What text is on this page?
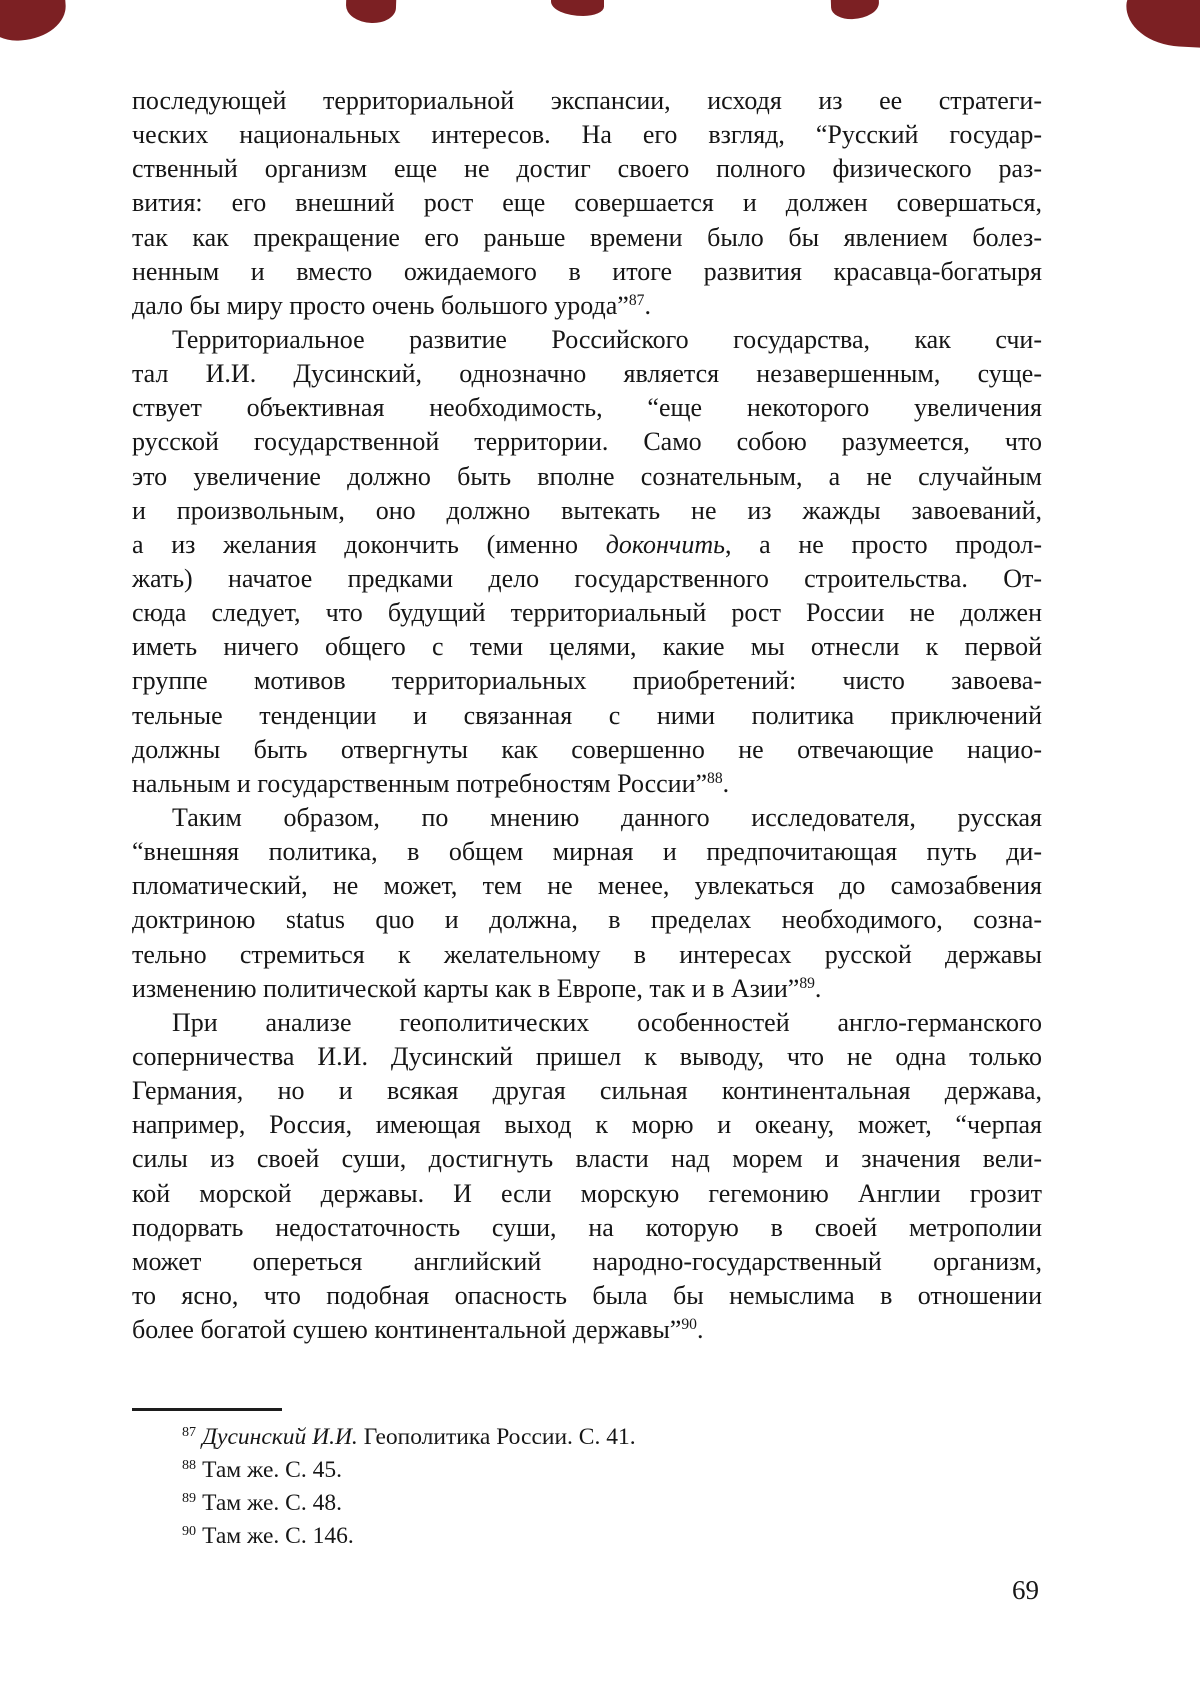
последующей территориальной экспансии, исходя из ее стратеги-
ческих национальных интересов. На его взгляд, “Русский государ-
ственный организм еще не достиг своего полного физического раз-
вития: его внешний рост еще совершается и должен совершаться,
так как прекращение его раньше времени было бы явлением болез-
ненным и вместо ожидаемого в итоге развития красавца-богатыря
дало бы миру просто очень большого урода”$^{87}$.
Территориальное развитие Российского государства, как счи-
тал И.И. Дусинский, однозначно является незавершенным, суще-
ствует объективная необходимость, “еще некоторого увеличения
русской государственной территории. Само собою разумеется, что
это увеличение должно быть вполне сознательным, а не случайным
и произвольным, оно должно вытекать не из жажды завоеваний,
а из желания докончить (именно докончить, а не просто продол-
жать) начатое предками дело государственного строительства. От-
сюда следует, что будущий территориальный рост России не должен
иметь ничего общего с теми целями, какие мы отнесли к первой
группе мотивов территориальных приобретений: чисто завоева-
тельные тенденции и связанная с ними политика приключений
должны быть отвергнуты как совершенно не отвечающие нацио-
нальным и государственным потребностям России”$^{88}$.
Таким образом, по мнению данного исследователя, русская
“внешняя политика, в общем мирная и предпочитающая путь ди-
пломатический, не может, тем не менее, увлекаться до самозабвения
доктриною status quo и должна, в пределах необходимого, созна-
тельно стремиться к желательному в интересах русской державы
изменению политической карты как в Европе, так и в Азии”$^{89}$.
При анализе геополитических особенностей англо-германского
соперничества И.И. Дусинский пришел к выводу, что не одна только
Германия, но и всякая другая сильная континентальная держава,
например, Россия, имеющая выход к морю и океану, может, “черпая
силы из своей суши, достигнуть власти над морем и значения вели-
кой морской державы. И если морскую гегемонию Англии грозит
подорвать недостаточность суши, на которую в своей метрополии
может опереться английский народно-государственный организм,
то ясно, что подобная опасность была бы немыслима в отношении
более богатой сушею континентальной державы”$^{90}$.
$^{87}$ Дусинский И.И. Геополитика России. С. 41.
$^{88}$ Там же. С. 45.
$^{89}$ Там же. С. 48.
$^{90}$ Там же. С. 146.
69
